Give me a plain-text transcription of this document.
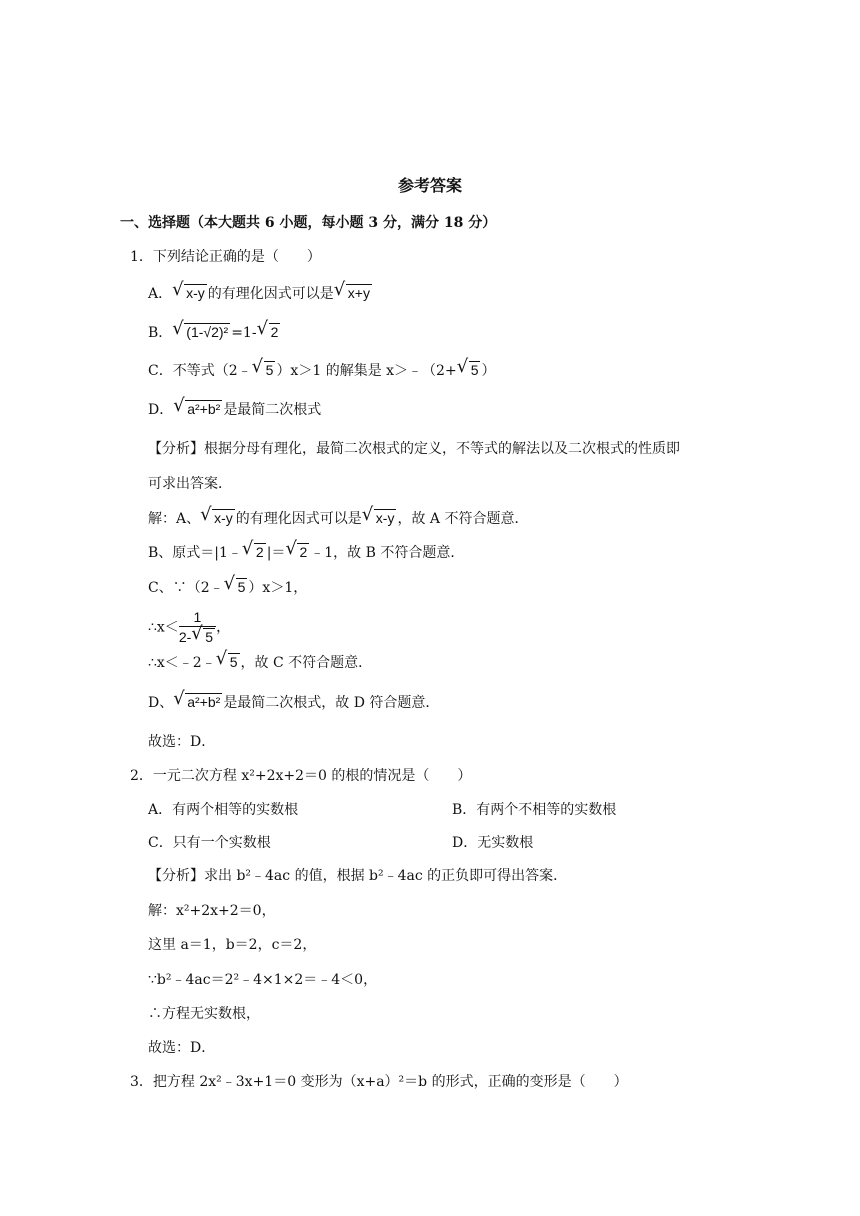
参考答案
一、选择题（本大题共 6 小题，每小题 3 分，满分 18 分）
1．下列结论正确的是（　　）
A． √ x-y 的有理化因式可以是 √ x+y
B． √ (1-√2)² =1- √ 2
C．不等式（2﹣ √ 5 ）x＞1 的解集是 x＞﹣（2+ √ 5 ）
D． √ a²+b² 是最简二次根式
【分析】根据分母有理化，最简二次根式的定义，不等式的解法以及二次根式的性质即
可求出答案．
解：A、 √ x-y 的有理化因式可以是 √ x-y ，故 A 不符合题意．
B、原式＝|1﹣ √ 2 |＝ √ 2 ﹣1，故 B 不符合题意．
C、∵（2﹣ √ 5 ）x＞1，
∴x＜ $\frac{1}{2- √ 5}$ ，
∴x＜﹣2﹣ √ 5 ，故 C 不符合题意．
D、 √ a²+b² 是最简二次根式，故 D 符合题意．
故选：D．
2．一元二次方程 x²+2x+2＝0 的根的情况是（　　）
A．有两个相等的实数根	B．有两个不相等的实数根
C．只有一个实数根	D．无实数根
【分析】求出 b²﹣4ac 的值，根据 b²﹣4ac 的正负即可得出答案．
解：x²+2x+2＝0，
这里 a＝1，b＝2，c＝2，
∵b²﹣4ac＝2²﹣4×1×2＝﹣4＜0，
∴方程无实数根，
故选：D．
3．把方程 2x²﹣3x+1＝0 变形为（x+a）²＝b 的形式，正确的变形是（　　）
